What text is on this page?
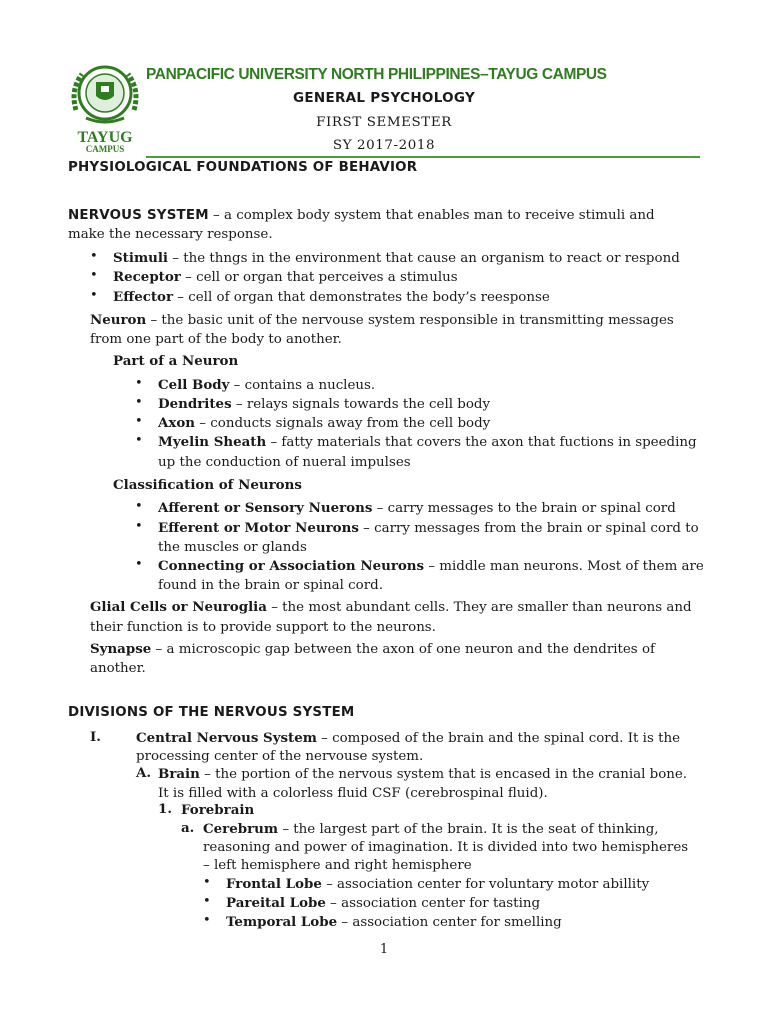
TAYUG
CAMPUS
PANPACIFIC UNIVERSITY NORTH PHILIPPINES–TAYUG CAMPUS
GENERAL PSYCHOLOGY
FIRST SEMESTER
SY 2017-2018
PHYSIOLOGICAL FOUNDATIONS OF BEHAVIOR
NERVOUS SYSTEM – a complex body system that enables man to receive stimuli and
make the necessary response.
• Stimuli – the thngs in the environment that cause an organism to react or respond
• Receptor – cell or organ that perceives a stimulus
• Effector – cell of organ that demonstrates the body’s reesponse
Neuron – the basic unit of the nervouse system responsible in transmitting messages
from one part of the body to another.
Part of a Neuron
• Cell Body – contains a nucleus.
• Dendrites – relays signals towards the cell body
• Axon – conducts signals away from the cell body
• Myelin Sheath – fatty materials that covers the axon that fuctions in speeding
up the conduction of nueral impulses
Classification of Neurons
• Afferent or Sensory Nuerons – carry messages to the brain or spinal cord
• Efferent or Motor Neurons – carry messages from the brain or spinal cord to
the muscles or glands
• Connecting or Association Neurons – middle man neurons. Most of them are
found in the brain or spinal cord.
Glial Cells or Neuroglia – the most abundant cells. They are smaller than neurons and
their function is to provide support to the neurons.
Synapse – a microscopic gap between the axon of one neuron and the dendrites of
another.
DIVISIONS OF THE NERVOUS SYSTEM
I.	Central Nervous System – composed of the brain and the spinal cord. It is the
processing center of the nervouse system.
A. Brain – the portion of the nervous system that is encased in the cranial bone.
It is filled with a colorless fluid CSF (cerebrospinal fluid).
1. Forebrain
a. Cerebrum – the largest part of the brain. It is the seat of thinking,
reasoning and power of imagination. It is divided into two hemispheres
– left hemisphere and right hemisphere
• Frontal Lobe – association center for voluntary motor abillity
• Pareital Lobe – association center for tasting
• Temporal Lobe – association center for smelling
1
